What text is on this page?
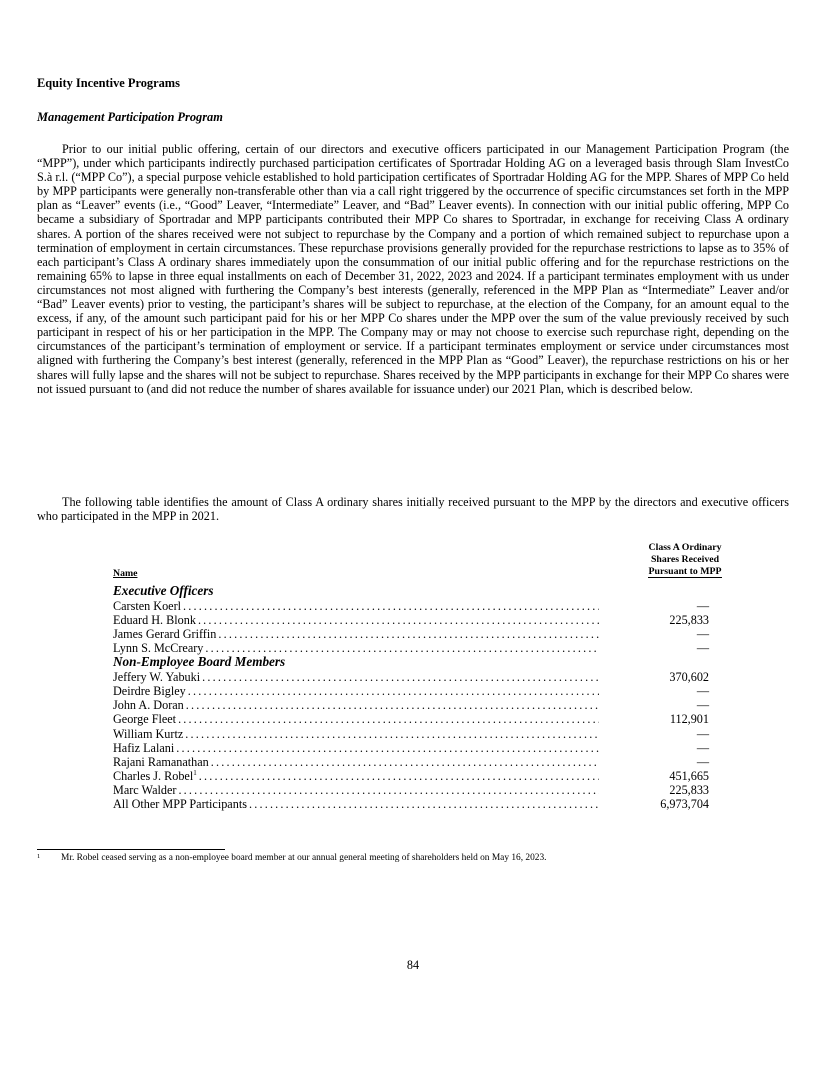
Equity Incentive Programs
Management Participation Program

Prior to our initial public offering, certain of our directors and executive officers participated in our Management Participation Program (the “MPP”), under which participants indirectly purchased participation certificates of Sportradar Holding AG on a leveraged basis through Slam InvestCo S.à r.l. (“MPP Co”), a special purpose vehicle established to hold participation certificates of Sportradar Holding AG for the MPP. Shares of MPP Co held by MPP participants were generally non-transferable other than via a call right triggered by the occurrence of specific circumstances set forth in the MPP plan as “Leaver” events (i.e., “Good” Leaver, “Intermediate” Leaver, and “Bad” Leaver events). In connection with our initial public offering, MPP Co became a subsidiary of Sportradar and MPP participants contributed their MPP Co shares to Sportradar, in exchange for receiving Class A ordinary shares. A portion of the shares received were not subject to repurchase by the Company and a portion of which remained subject to repurchase upon a termination of employment in certain circumstances. These repurchase provisions generally provided for the repurchase restrictions to lapse as to 35% of each participant’s Class A ordinary shares immediately upon the consummation of our initial public offering and for the repurchase restrictions on the remaining 65% to lapse in three equal installments on each of December 31, 2022, 2023 and 2024. If a participant terminates employment with us under circumstances not most aligned with furthering the Company’s best interests (generally, referenced in the MPP Plan as “Intermediate” Leaver and/or “Bad” Leaver events) prior to vesting, the participant’s shares will be subject to repurchase, at the election of the Company, for an amount equal to the excess, if any, of the amount such participant paid for his or her MPP Co shares under the MPP over the sum of the value previously received by such participant in respect of his or her participation in the MPP. The Company may or may not choose to exercise such repurchase right, depending on the circumstances of the participant’s termination of employment or service. If a participant terminates employment or service under circumstances most aligned with furthering the Company’s best interest (generally, referenced in the MPP Plan as “Good” Leaver), the repurchase restrictions on his or her shares will fully lapse and the shares will not be subject to repurchase. Shares received by the MPP participants in exchange for their MPP Co shares were not issued pursuant to (and did not reduce the number of shares available for issuance under) our 2021 Plan, which is described below.

The following table identifies the amount of Class A ordinary shares initially received pursuant to the MPP by the directors and executive officers who participated in the MPP in 2021.

Class A Ordinary
Shares Received
Pursuant to MPP
Name
Executive Officers
Carsten Koerl .....	—
Eduard H. Blonk .....	225,833
James Gerard Griffin .....	—
Lynn S. McCreary .....	—
Non-Employee Board Members
Jeffery W. Yabuki .....	370,602
Deirdre Bigley .....	—
John A. Doran .....	—
George Fleet .....	112,901
William Kurtz .....	—
Hafiz Lalani .....	—
Rajani Ramanathan .....	—
Charles J. Robel$^1$ .....	451,665
Marc Walder .....	225,833
All Other MPP Participants .....	6,973,704
1 Mr. Robel ceased serving as a non-employee board member at our annual general meeting of shareholders held on May 16, 2023.
84
